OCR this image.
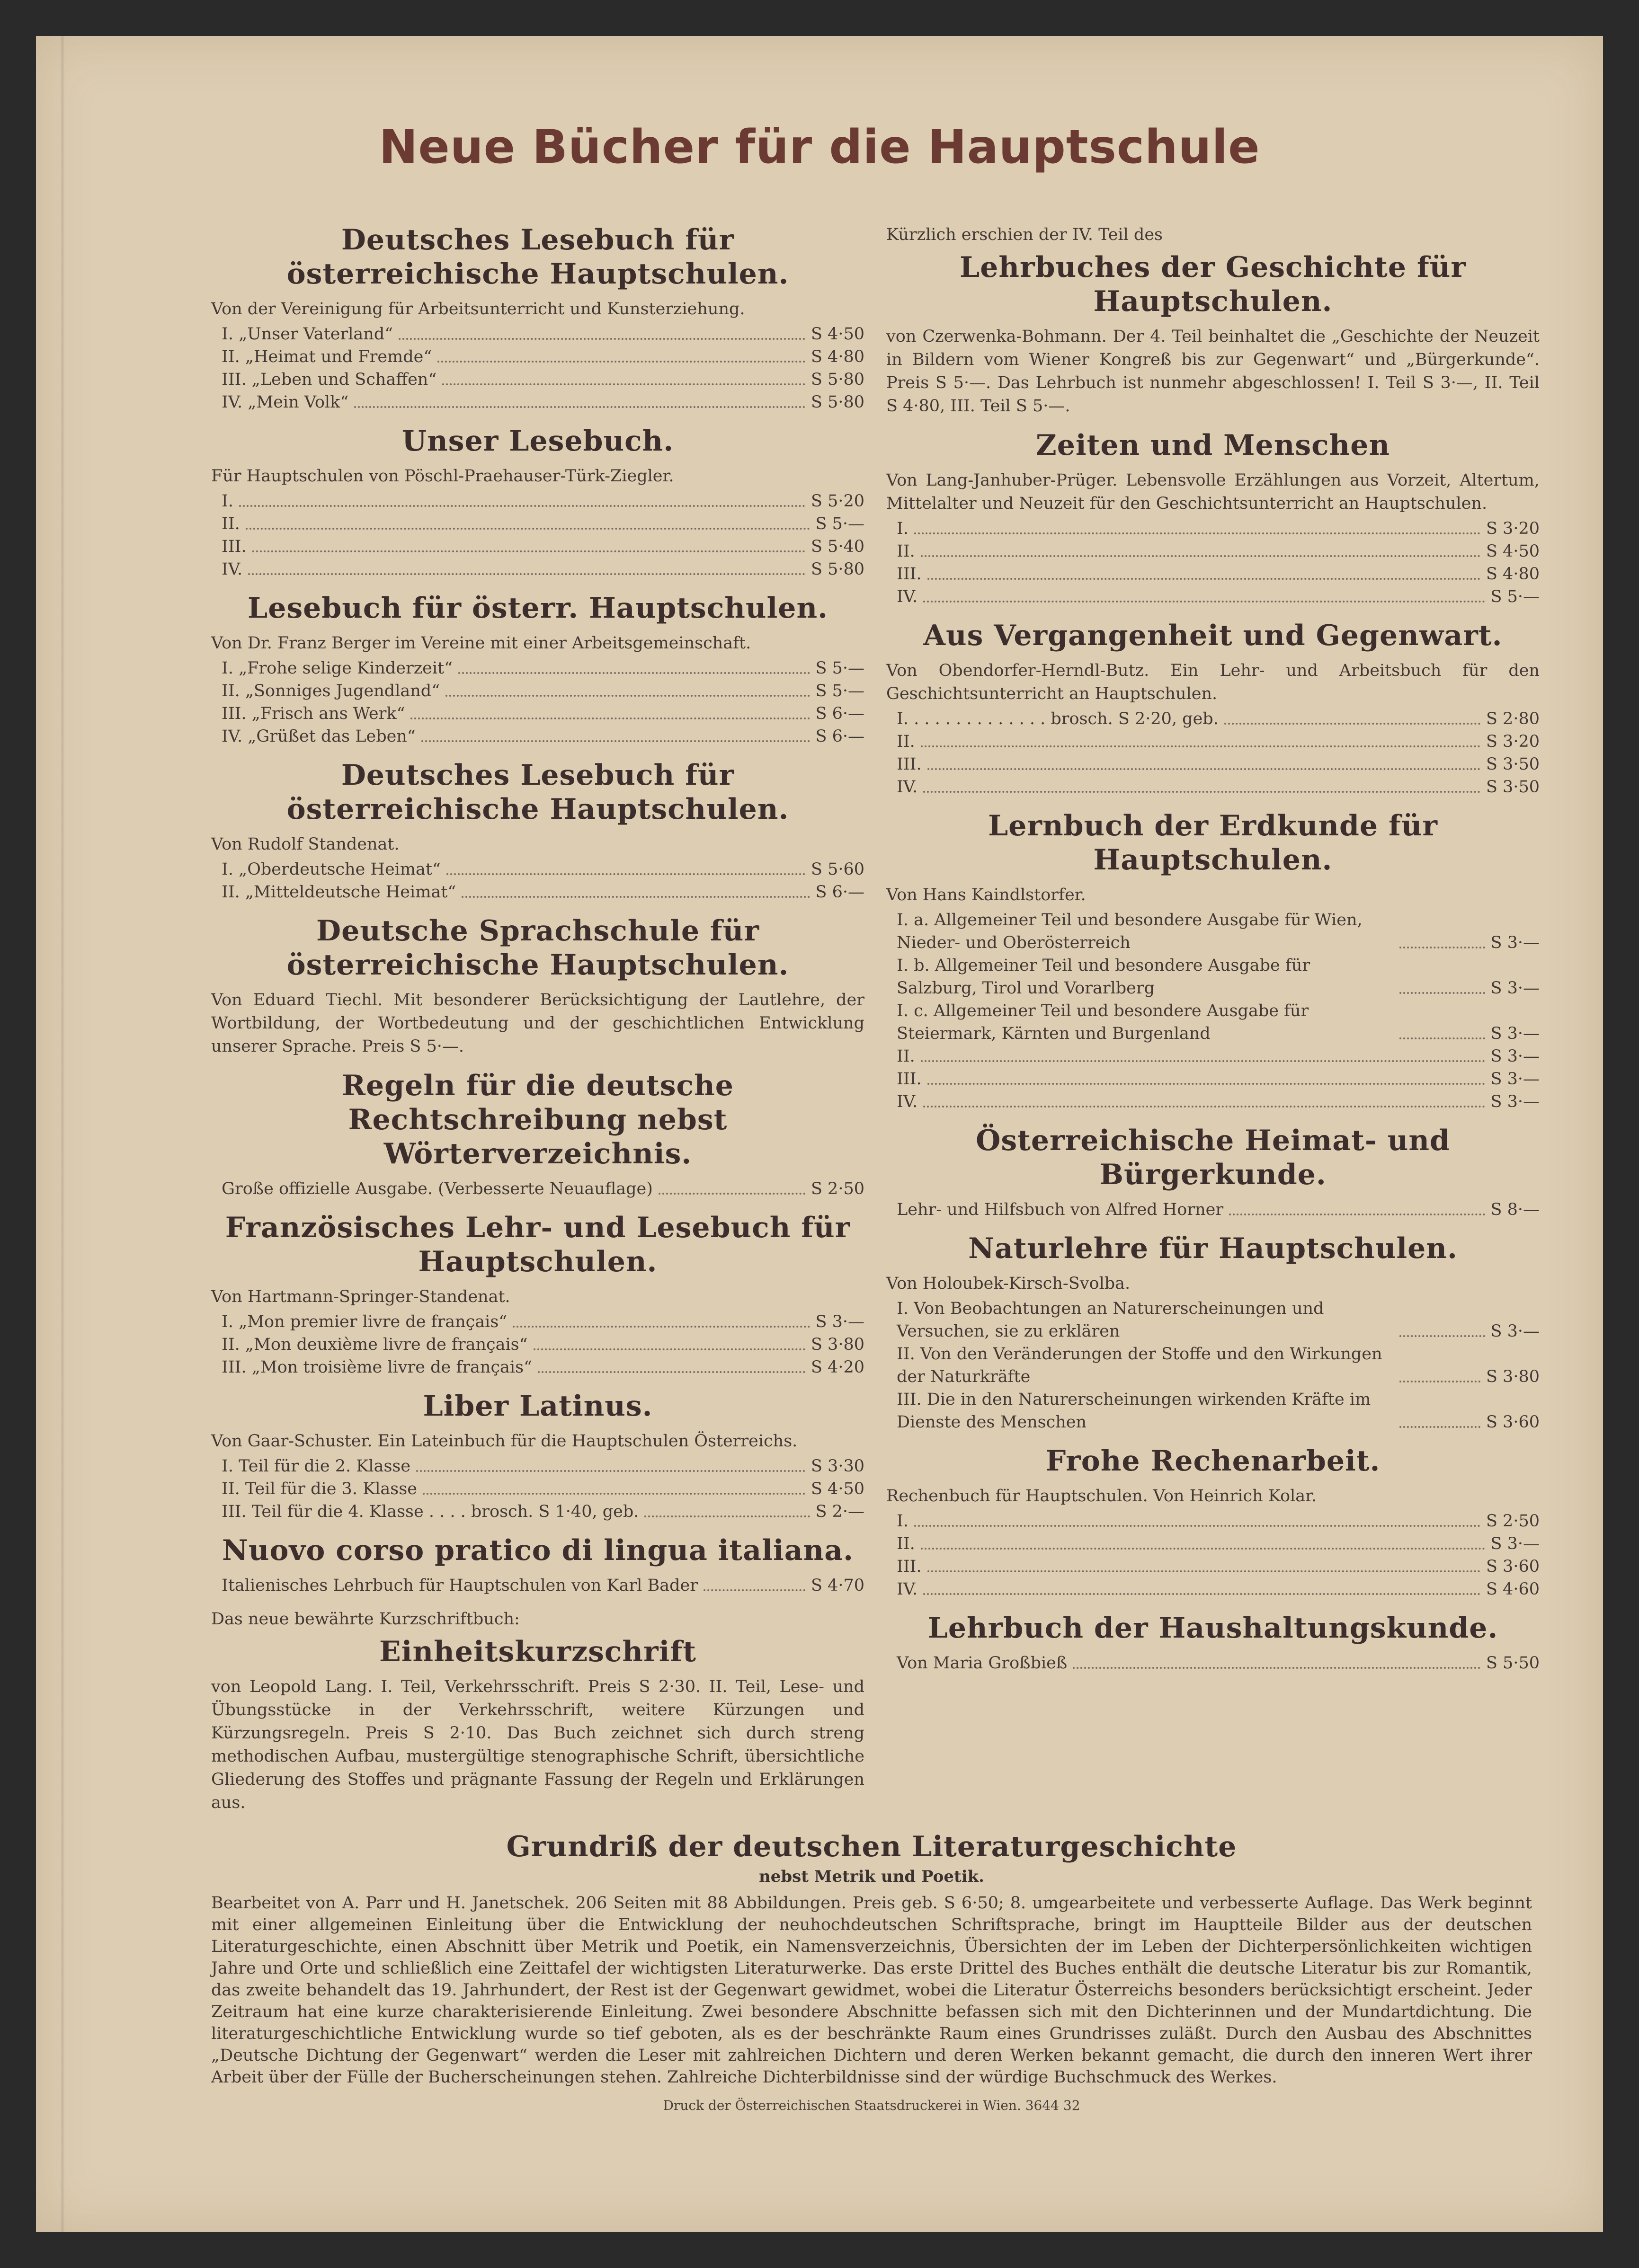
Neue Bücher für die Hauptschule
Deutsches Lesebuch für österreichische Hauptschulen.
Von der Vereinigung für Arbeitsunterricht und Kunsterziehung.
I. „Unser Vaterland“	S 4·50
II. „Heimat und Fremde“	S 4·80
III. „Leben und Schaffen“	S 5·80
IV. „Mein Volk“	S 5·80
Unser Lesebuch.
Für Hauptschulen von Pöschl-Praehauser-Türk-Ziegler.
I.	S 5·20
II.	S 5·—
III.	S 5·40
IV.	S 5·80
Lesebuch für österr. Hauptschulen.
Von Dr. Franz Berger im Vereine mit einer Arbeitsgemeinschaft.
I. „Frohe selige Kinderzeit“	S 5·—
II. „Sonniges Jugendland“	S 5·—
III. „Frisch ans Werk“	S 6·—
IV. „Grüßet das Leben“	S 6·—
Deutsches Lesebuch für österreichische Hauptschulen.
Von Rudolf Standenat.
I. „Oberdeutsche Heimat“	S 5·60
II. „Mitteldeutsche Heimat“	S 6·—
Deutsche Sprachschule für österreichische Hauptschulen.
Von Eduard Tiechl. Mit besonderer Berücksichtigung der Lautlehre, der Wortbildung, der Wortbedeutung und der geschichtlichen Entwicklung unserer Sprache. Preis S 5·—.
Regeln für die deutsche Rechtschreibung nebst Wörterverzeichnis.
Große offizielle Ausgabe. (Verbesserte Neuauflage)	S 2·50
Französisches Lehr- und Lesebuch für Hauptschulen.
Von Hartmann-Springer-Standenat.
I. „Mon premier livre de français“	S 3·—
II. „Mon deuxième livre de français“	S 3·80
III. „Mon troisième livre de français“	S 4·20
Liber Latinus.
Von Gaar-Schuster. Ein Lateinbuch für die Hauptschulen Österreichs.
I. Teil für die 2. Klasse	S 3·30
II. Teil für die 3. Klasse	S 4·50
III. Teil für die 4. Klasse . . . . brosch. S 1·40, geb.	S 2·—
Nuovo corso pratico di lingua italiana.
Italienisches Lehrbuch für Hauptschulen von Karl Bader	S 4·70
Das neue bewährte Kurzschriftbuch:
Einheitskurzschrift
von Leopold Lang. I. Teil, Verkehrsschrift. Preis S 2·30. II. Teil, Lese- und Übungsstücke in der Verkehrsschrift, weitere Kürzungen und Kürzungsregeln. Preis S 2·10. Das Buch zeichnet sich durch streng methodischen Aufbau, mustergültige stenographische Schrift, übersichtliche Gliederung des Stoffes und prägnante Fassung der Regeln und Erklärungen aus.
Kürzlich erschien der IV. Teil des
Lehrbuches der Geschichte für Hauptschulen.
von Czerwenka-Bohmann. Der 4. Teil beinhaltet die „Geschichte der Neuzeit in Bildern vom Wiener Kongreß bis zur Gegenwart“ und „Bürgerkunde“. Preis S 5·—. Das Lehrbuch ist nunmehr abgeschlossen! I. Teil S 3·—, II. Teil S 4·80, III. Teil S 5·—.
Zeiten und Menschen
Von Lang-Janhuber-Prüger. Lebensvolle Erzählungen aus Vorzeit, Altertum, Mittelalter und Neuzeit für den Geschichtsunterricht an Hauptschulen.
I.	S 3·20
II.	S 4·50
III.	S 4·80
IV.	S 5·—
Aus Vergangenheit und Gegenwart.
Von Obendorfer-Herndl-Butz. Ein Lehr- und Arbeitsbuch für den Geschichtsunterricht an Hauptschulen.
I. . . . . . . . . . . . . . brosch. S 2·20, geb.	S 2·80
II.	S 3·20
III.	S 3·50
IV.	S 3·50
Lernbuch der Erdkunde für Hauptschulen.
Von Hans Kaindlstorfer.
I. a. Allgemeiner Teil und besondere Ausgabe für Wien, Nieder- und Oberösterreich	S 3·—
I. b. Allgemeiner Teil und besondere Ausgabe für Salzburg, Tirol und Vorarlberg	S 3·—
I. c. Allgemeiner Teil und besondere Ausgabe für Steiermark, Kärnten und Burgenland	S 3·—
II.	S 3·—
III.	S 3·—
IV.	S 3·—
Österreichische Heimat- und Bürgerkunde.
Lehr- und Hilfsbuch von Alfred Horner	S 8·—
Naturlehre für Hauptschulen.
Von Holoubek-Kirsch-Svolba.
I. Von Beobachtungen an Naturerscheinungen und Versuchen, sie zu erklären	S 3·—
II. Von den Veränderungen der Stoffe und den Wirkungen der Naturkräfte	S 3·80
III. Die in den Naturerscheinungen wirkenden Kräfte im Dienste des Menschen	S 3·60
Frohe Rechenarbeit.
Rechenbuch für Hauptschulen. Von Heinrich Kolar.
I.	S 2·50
II.	S 3·—
III.	S 3·60
IV.	S 4·60
Lehrbuch der Haushaltungskunde.
Von Maria Großbieß	S 5·50
Grundriß der deutschen Literaturgeschichte
nebst Metrik und Poetik.

Bearbeitet von A. Parr und H. Janetschek. 206 Seiten mit 88 Abbildungen. Preis geb. S 6·50; 8. umgearbeitete und verbesserte Auflage. Das Werk beginnt mit einer allgemeinen Einleitung über die Entwicklung der neuhochdeutschen Schriftsprache, bringt im Hauptteile Bilder aus der deutschen Literaturgeschichte, einen Abschnitt über Metrik und Poetik, ein Namensverzeichnis, Übersichten der im Leben der Dichterpersönlichkeiten wichtigen Jahre und Orte und schließlich eine Zeittafel der wichtigsten Literaturwerke. Das erste Drittel des Buches enthält die deutsche Literatur bis zur Romantik, das zweite behandelt das 19. Jahrhundert, der Rest ist der Gegenwart gewidmet, wobei die Literatur Österreichs besonders berücksichtigt erscheint. Jeder Zeitraum hat eine kurze charakterisierende Einleitung. Zwei besondere Abschnitte befassen sich mit den Dichterinnen und der Mundartdichtung. Die literaturgeschichtliche Entwicklung wurde so tief geboten, als es der beschränkte Raum eines Grundrisses zuläßt. Durch den Ausbau des Abschnittes „Deutsche Dichtung der Gegenwart“ werden die Leser mit zahlreichen Dichtern und deren Werken bekannt gemacht, die durch den inneren Wert ihrer Arbeit über der Fülle der Bucherscheinungen stehen. Zahlreiche Dichterbildnisse sind der würdige Buchschmuck des Werkes.

Druck der Österreichischen Staatsdruckerei in Wien. 3644 32
